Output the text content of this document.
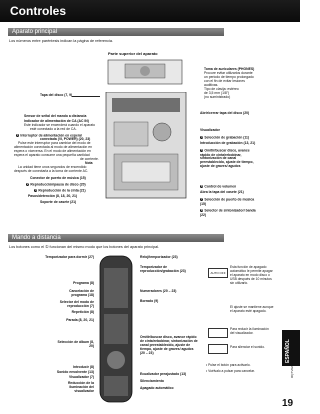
Controles
Aparato principal
Los números entre paréntesis indican la página de referencia.
Parte superior del aparato
Tapa del disco (7, 9)
Sensor de señal del mando a distancia
Indicador de alimentación de CA (AC IN)
Este indicador se encenderá cuando el aparato
esté conectado a la red de CA.
1 Interruptor de alimentación en espera/
conectada (!/I, POWER) (20, 23)
Pulse este interruptor para cambiar del modo de
alimentación conectada al modo de alimentación en
espera o viceversa. En el modo de alimentación en
espera el aparato consume una pequeña cantidad
de corriente.
Nota
La unidad tiene unos segundos de encendido
después de conectarla a la toma de corriente AC.
Conector de puerto de música (15)
2 Reproducción/pausa de disco (20)
3 Reproducción de la cinta (21)
Pasos/detención (8, 18, 20, 21)
Soporte de casete (21)
Toma de auriculares (PHONES)
Procure evitar utilizarlos durante
un periodo de tiempo prolongado
con el fin de evitar lesiones
auditivas.
Tipo de clavija: estéreo
de 3,5 mm (1/8")
(no suministrado)
Abrir/cerrar tapa del disco (20)
Visualizador
4 Selección de grabación (11)
Introducción de grabación (13, 21)
5 Omitir/buscar disco, avance rápido de cinta/rebobinar, sintonización de canal preestablecido, ajuste de tiempo, ajuste de graves/ agudos
6 Control de volumen
Abra la tapa del casete (21)
7 Selección de puerto de música (15)
8 Selector de sintonizador/ banda (22)
Mando a distancia
Los botones como el ① funcionan del mismo modo que los botones del aparato principal.
Temporizador para dormir (27)
Programa (8)
Cancelación de programa (18)
Selector del modo de reproducción (7)
Repetición (8)
Parada (8, 20, 21)
Selección de álbum (8, 20)
Introducir (8)
Sonido envolvente (13)
Visualizador (7)
Reducción de la iluminación del visualizador
Reloj/temporizador (23)
Temporizador de reproducción/grabación (23)
Numeradores (20 – 23)
Borrado (9)
Omitir/buscar disco, avance rápido de cinta/rebobinar, sintonización de canal preestablecido, ajuste de tiempo, ajuste de graves/ agudos (20 – 23)
Ecualizador preajustado (13)
Silenciamiento
Apagado automático
AUTO OFF
Esta función de apagado automático le permite apagar el aparato en modo disco o USB después de 10 minutos sin utilizarlo.
El ajuste se mantiene aunque el aparato esté apagado.
Para reducir la iluminación del visualizador.
Para silenciar el sonido.
• Pulse el botón para activarlo.
• Vuélvalo a pulsar para cancelar.
ESPAÑOL
19
RQTV0284
